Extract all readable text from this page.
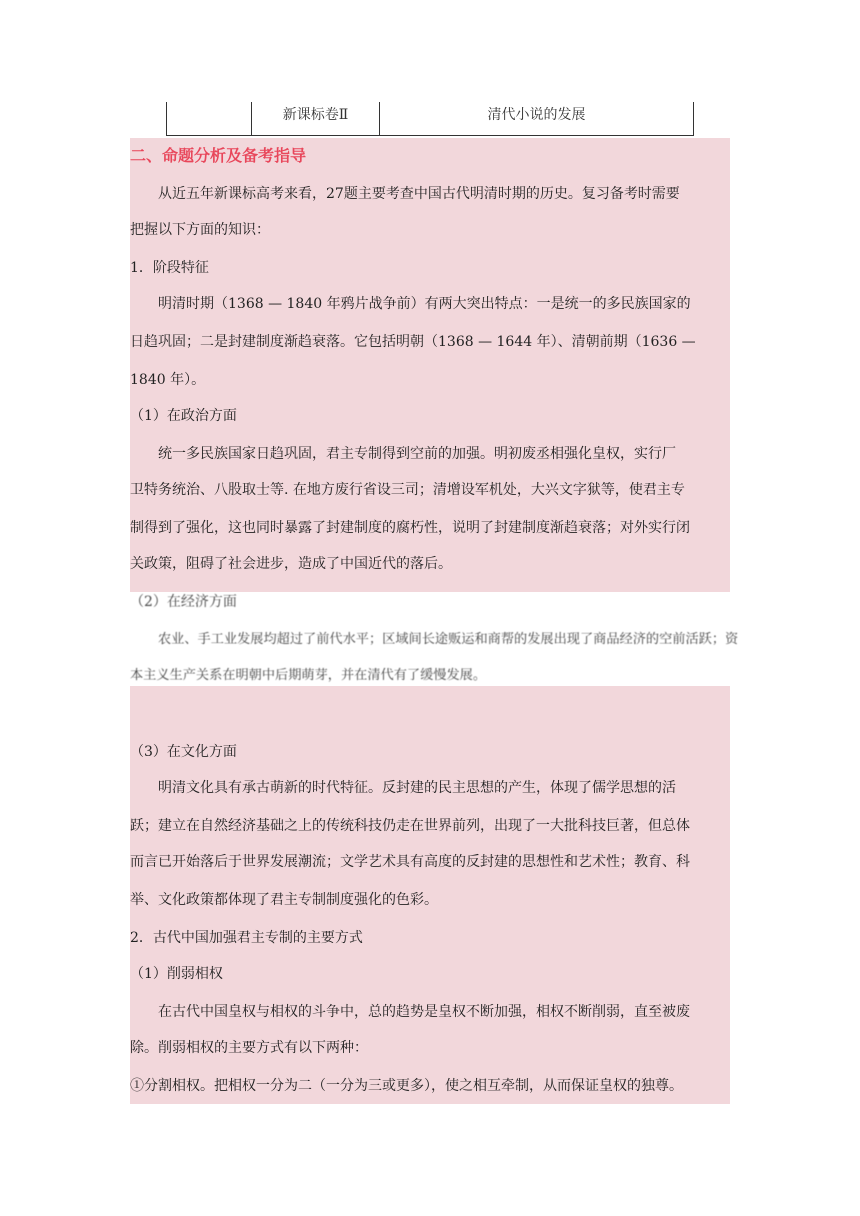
新课标卷Ⅱ	清代小说的发展
二、命题分析及备考指导
从近五年新课标高考来看，27题主要考查中国古代明清时期的历史。复习备考时需要
把握以下方面的知识：
1．阶段特征
明清时期（1368 — 1840 年鸦片战争前）有两大突出特点：一是统一的多民族国家的
日趋巩固；二是封建制度渐趋衰落。它包括明朝（1368 — 1644 年）、清朝前期（1636 —
1840 年）。
（1）在政治方面
统一多民族国家日趋巩固，君主专制得到空前的加强。明初废丞相强化皇权，实行厂
卫特务统治、八股取士等. 在地方废行省设三司；清增设军机处，大兴文字狱等，使君主专
制得到了强化，这也同时暴露了封建制度的腐朽性，说明了封建制度渐趋衰落；对外实行闭
关政策，阻碍了社会进步，造成了中国近代的落后。
（2）在经济方面
农业、手工业发展均超过了前代水平；区域间长途贩运和商帮的发展出现了商品经济的空前活跃；资
本主义生产关系在明朝中后期萌芽，并在清代有了缓慢发展。
（3）在文化方面
明清文化具有承古萌新的时代特征。反封建的民主思想的产生，体现了儒学思想的活
跃；建立在自然经济基础之上的传统科技仍走在世界前列，出现了一大批科技巨著，但总体
而言已开始落后于世界发展潮流；文学艺术具有高度的反封建的思想性和艺术性；教育、科
举、文化政策都体现了君主专制制度强化的色彩。
2．古代中国加强君主专制的主要方式
（1）削弱相权
在古代中国皇权与相权的斗争中，总的趋势是皇权不断加强，相权不断削弱，直至被废
除。削弱相权的主要方式有以下两种：
①分割相权。把相权一分为二（一分为三或更多），使之相互牵制，从而保证皇权的独尊。
